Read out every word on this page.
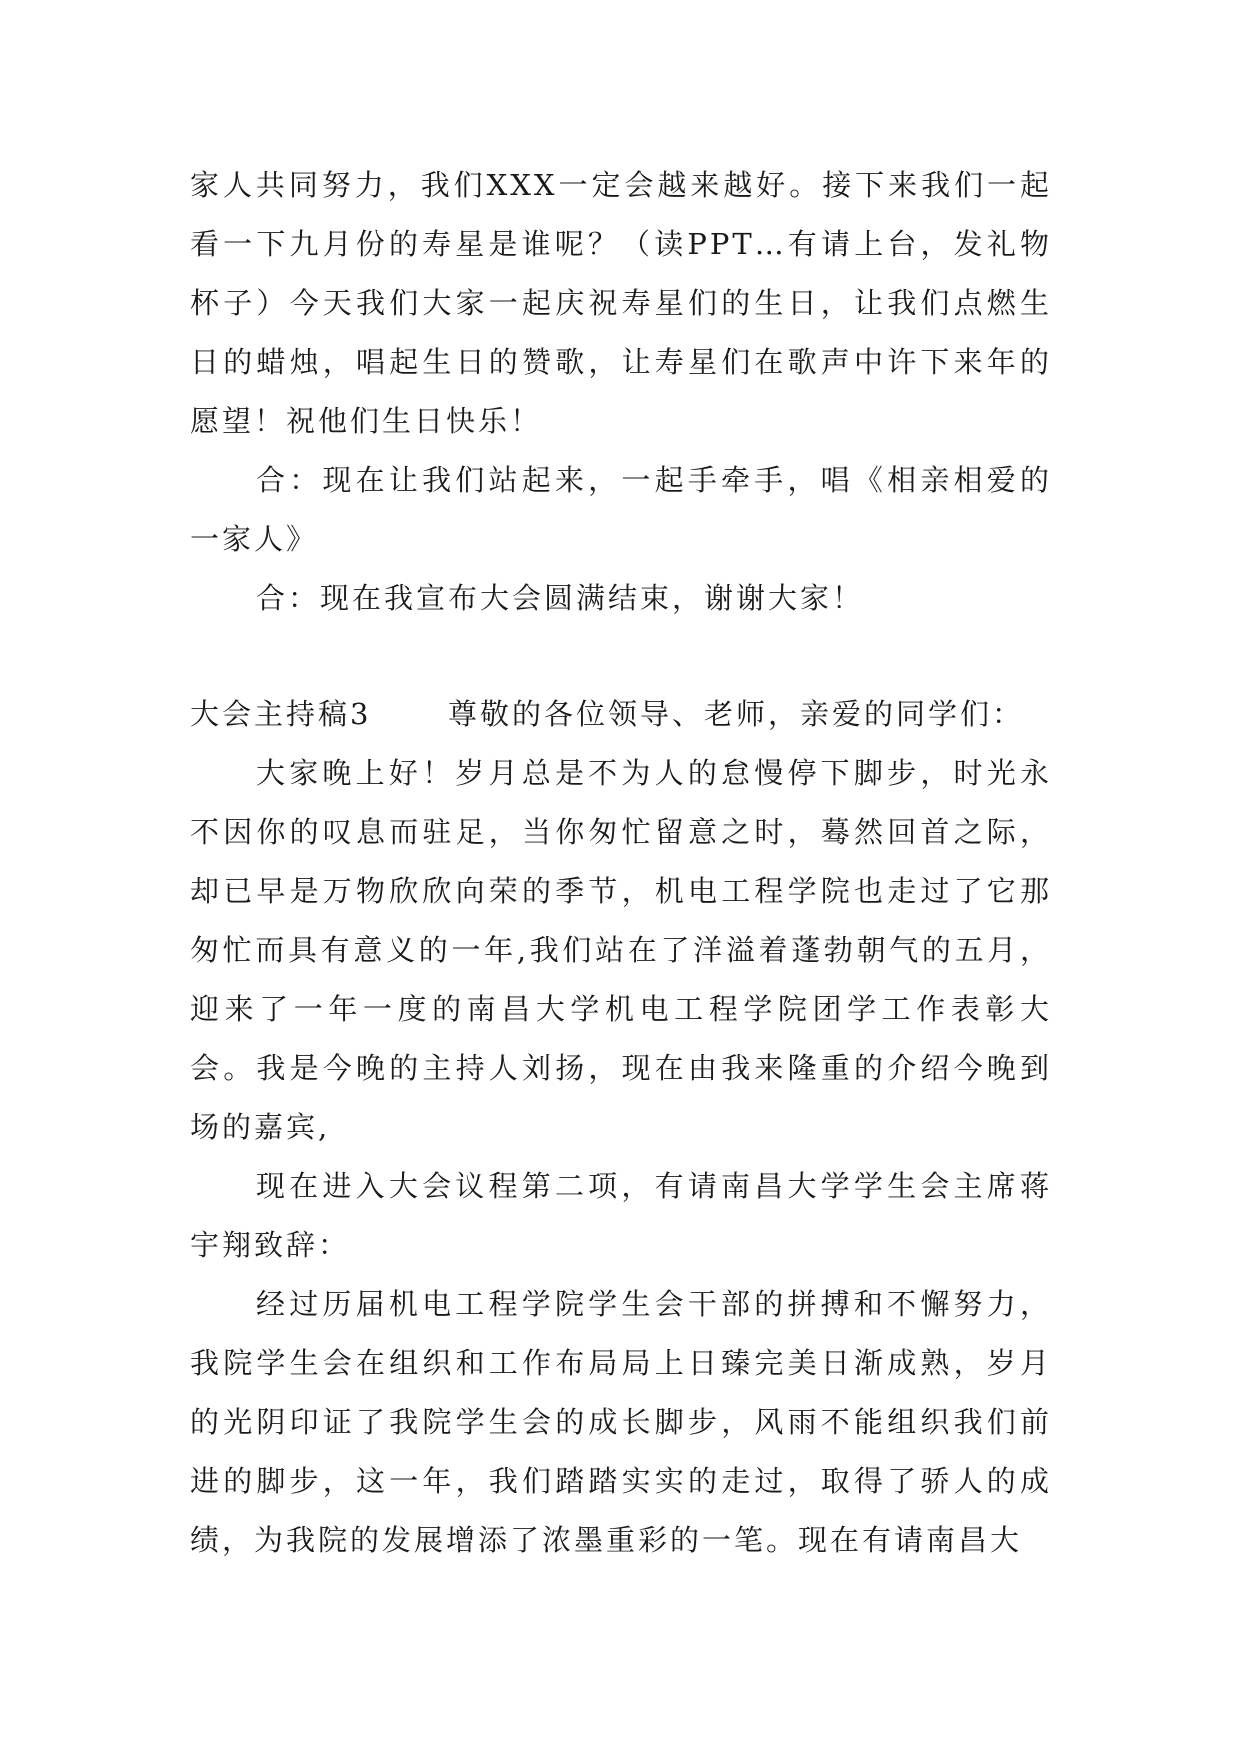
家人共同努力，我们XXX一定会越来越好。接下来我们一起看一下九月份的寿星是谁呢？（读PPT…有请上台，发礼物杯子）今天我们大家一起庆祝寿星们的生日，让我们点燃生日的蜡烛，唱起生日的赞歌，让寿星们在歌声中许下来年的愿望！祝他们生日快乐！

合：现在让我们站起来，一起手牵手，唱《相亲相爱的一家人》

合：现在我宣布大会圆满结束，谢谢大家！

大会主持稿3	尊敬的各位领导、老师，亲爱的同学们：

大家晚上好！岁月总是不为人的怠慢停下脚步，时光永不因你的叹息而驻足，当你匆忙留意之时，蓦然回首之际，却已早是万物欣欣向荣的季节，机电工程学院也走过了它那匆忙而具有意义的一年,我们站在了洋溢着蓬勃朝气的五月，迎来了一年一度的南昌大学机电工程学院团学工作表彰大会。我是今晚的主持人刘扬，现在由我来隆重的介绍今晚到场的嘉宾,

现在进入大会议程第二项，有请南昌大学学生会主席蒋宇翔致辞：

经过历届机电工程学院学生会干部的拼搏和不懈努力，我院学生会在组织和工作布局局上日臻完美日渐成熟，岁月的光阴印证了我院学生会的成长脚步，风雨不能组织我们前进的脚步，这一年，我们踏踏实实的走过，取得了骄人的成绩，为我院的发展增添了浓墨重彩的一笔。现在有请南昌大
